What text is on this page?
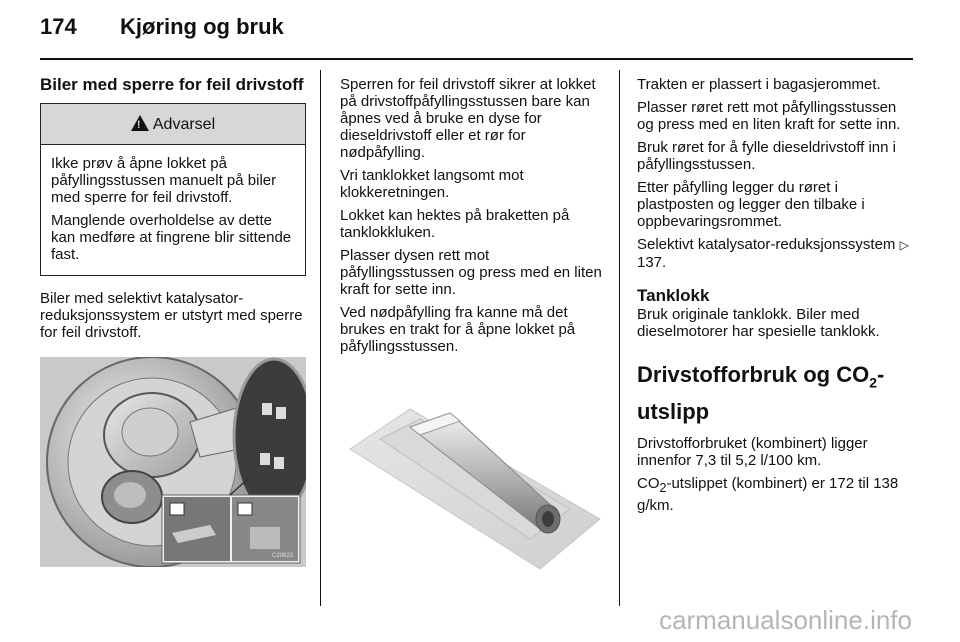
174 Kjøring og bruk
Biler med sperre for feil drivstoff
!
Advarsel

Ikke prøv å åpne lokket på påfyllingsstussen manuelt på biler med sperre for feil drivstoff.

Manglende overholdelse av dette kan medføre at fingrene blir sittende fast.

Biler med selektivt katalysator-reduksjonssystem er utstyrt med sperre for feil drivstoff.

C20823

Sperren for feil drivstoff sikrer at lokket på drivstoffpåfyllingsstussen bare kan åpnes ved å bruke en dyse for dieseldrivstoff eller et rør for nødpåfylling.

Vri tanklokket langsomt mot klokkeretningen.

Lokket kan hektes på braketten på tanklokkluken.

Plasser dysen rett mot påfyllingsstussen og press med en liten kraft for sette inn.

Ved nødpåfylling fra kanne må det brukes en trakt for å åpne lokket på påfyllingsstussen.

Trakten er plassert i bagasjerommet.

Plasser røret rett mot påfyllingsstussen og press med en liten kraft for sette inn.

Bruk røret for å fylle dieseldrivstoff inn i påfyllingsstussen.

Etter påfylling legger du røret i plastposten og legger den tilbake i oppbevaringsrommet.

Selektivt katalysator-reduksjonssystem ▷ 137.

Tanklokk

Bruk originale tanklokk. Biler med dieselmotorer har spesielle tanklokk.

Drivstofforbruk og $CO_2$-utslipp

Drivstofforbruket (kombinert) ligger innenfor 7,3 til 5,2 l/100 km.

$CO_2$-utslippet (kombinert) er 172 til 138 g/km.

carmanualsonline.info
